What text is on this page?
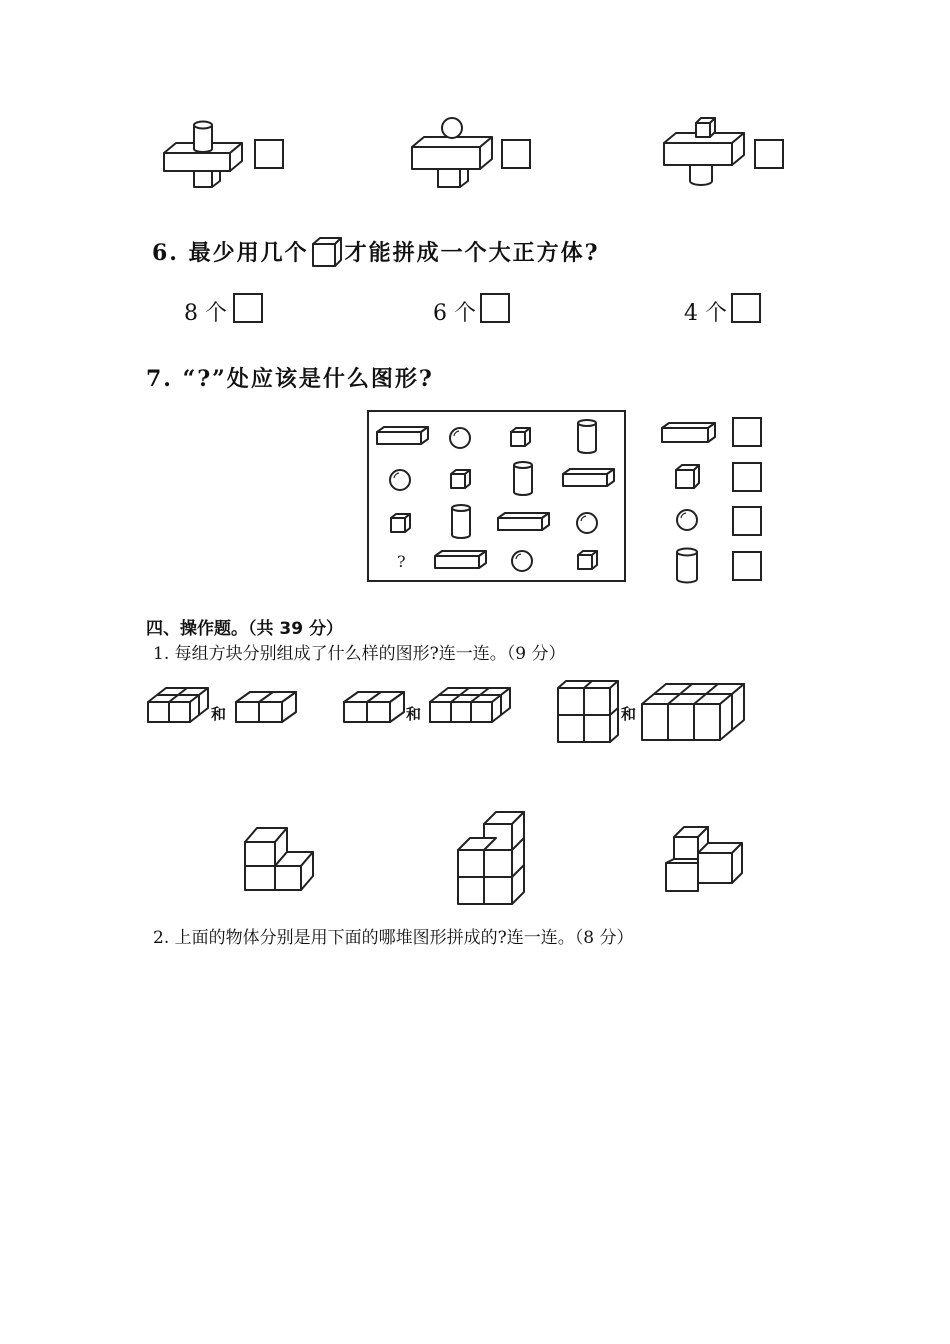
6. 最少用几个 才能拼成一个大正方体?
8 个	6 个	4 个
7. “?”处应该是什么图形?
?
四、操作题。（共 39 分）
1. 每组方块分别组成了什么样的图形?连一连。（9 分）
和	和	和
2. 上面的物体分别是用下面的哪堆图形拼成的?连一连。（8 分）
